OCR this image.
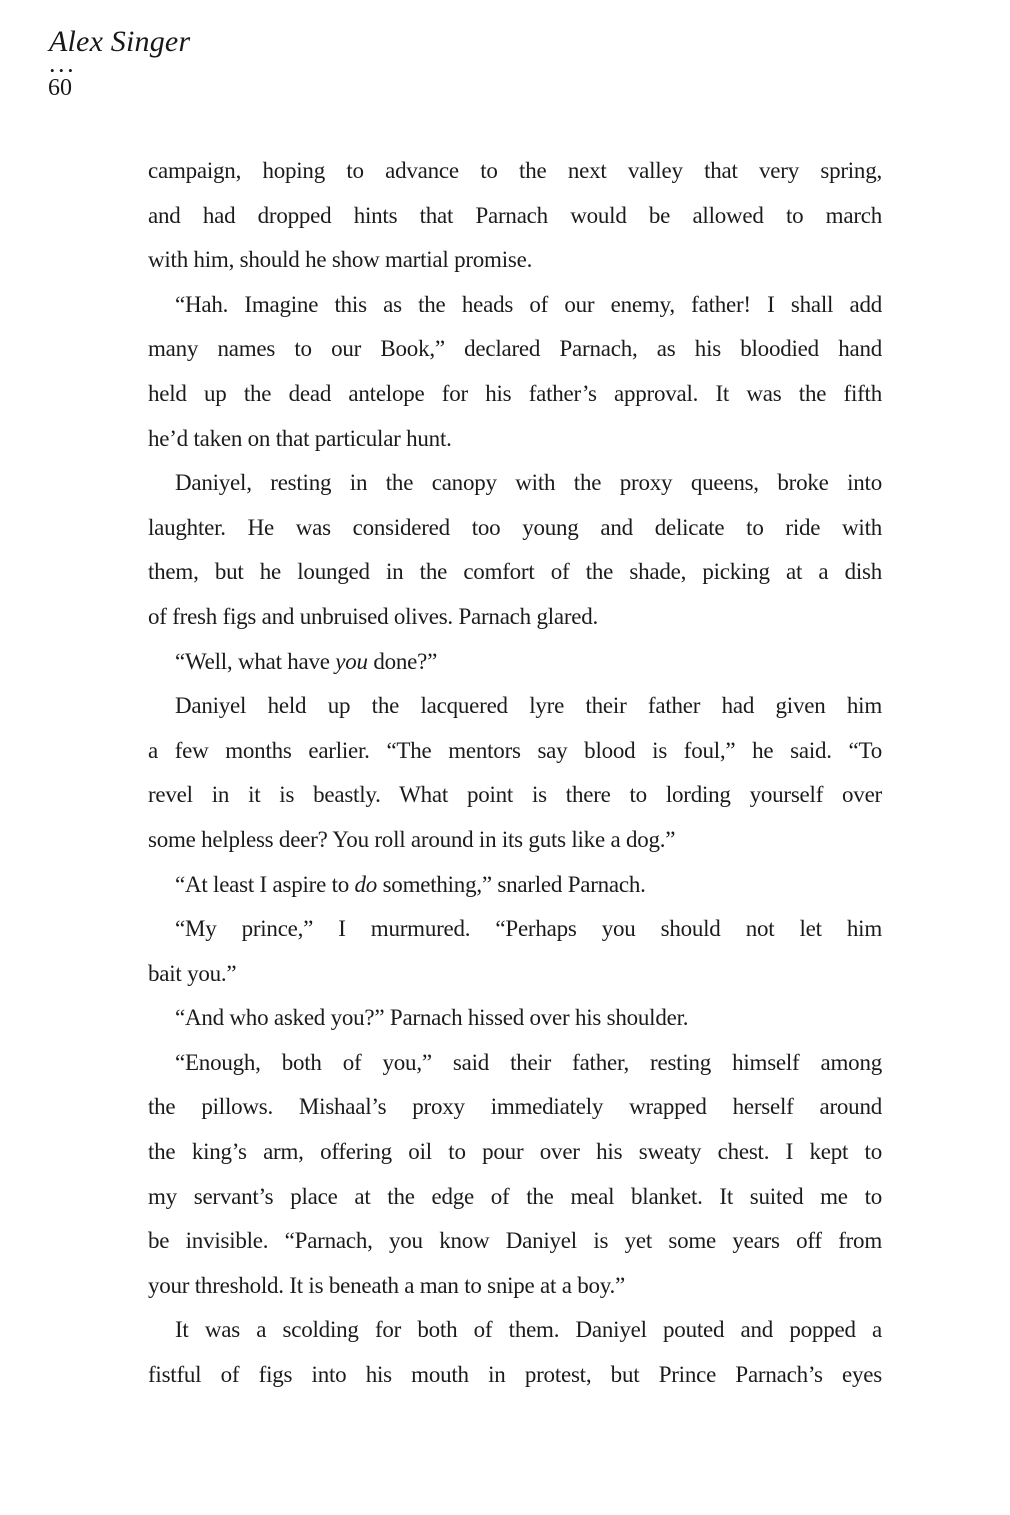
Alex Singer
•••
60
campaign, hoping to advance to the next valley that very spring,
and had dropped hints that Parnach would be allowed to march
with him, should he show martial promise.
“Hah. Imagine this as the heads of our enemy, father! I shall add
many names to our Book,” declared Parnach, as his bloodied hand
held up the dead antelope for his father’s approval. It was the fifth
he’d taken on that particular hunt.
Daniyel, resting in the canopy with the proxy queens, broke into
laughter. He was considered too young and delicate to ride with
them, but he lounged in the comfort of the shade, picking at a dish
of fresh figs and unbruised olives. Parnach glared.
“Well, what have you done?”
Daniyel held up the lacquered lyre their father had given him
a few months earlier. “The mentors say blood is foul,” he said. “To
revel in it is beastly. What point is there to lording yourself over
some helpless deer? You roll around in its guts like a dog.”
“At least I aspire to do something,” snarled Parnach.
“My prince,” I murmured. “Perhaps you should not let him
bait you.”
“And who asked you?” Parnach hissed over his shoulder.
“Enough, both of you,” said their father, resting himself among
the pillows. Mishaal’s proxy immediately wrapped herself around
the king’s arm, offering oil to pour over his sweaty chest. I kept to
my servant’s place at the edge of the meal blanket. It suited me to
be invisible. “Parnach, you know Daniyel is yet some years off from
your threshold. It is beneath a man to snipe at a boy.”
It was a scolding for both of them. Daniyel pouted and popped a
fistful of figs into his mouth in protest, but Prince Parnach’s eyes
